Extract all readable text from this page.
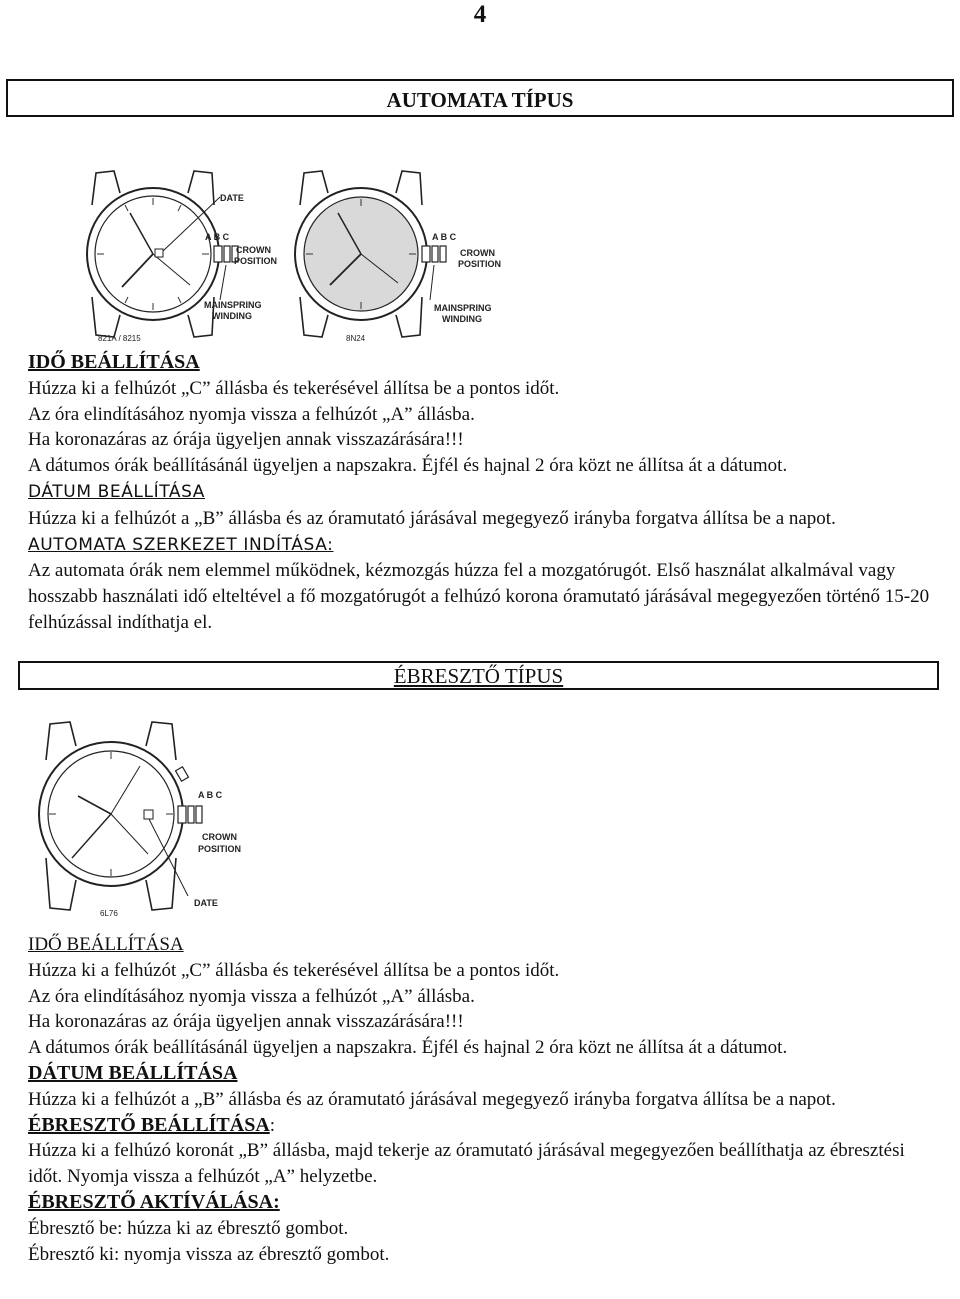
4
AUTOMATA TÍPUS
DATE
A B C
CROWN
POSITION
MAINSPRING
WINDING
821A / 8215
A B C
CROWN
POSITION
MAINSPRING
WINDING
8N24

IDŐ BEÁLLÍTÁSA

Húzza ki a felhúzót „C” állásba és tekerésével állítsa be a pontos időt.

Az óra elindításához nyomja vissza a felhúzót „A” állásba.

Ha koronazáras az órája ügyeljen annak visszazárására!!!

A dátumos órák beállításánál ügyeljen a napszakra. Éjfél és hajnal 2 óra közt ne állítsa át a dátumot.

DÁTUM BEÁLLÍTÁSA

Húzza ki a felhúzót a „B” állásba és az óramutató járásával megegyező irányba forgatva állítsa be a napot.

AUTOMATA SZERKEZET INDÍTÁSA:

Az automata órák nem elemmel működnek, kézmozgás húzza fel a mozgatórugót. Első használat alkalmával vagy hosszabb használati idő elteltével a fő mozgatórugót a felhúzó korona óramutató járásával megegyezően történő 15-20 felhúzással indíthatja el.

ÉBRESZTŐ TÍPUS
A B C
CROWN
POSITION
DATE
6L76

IDŐ BEÁLLÍTÁSA

Húzza ki a felhúzót „C” állásba és tekerésével állítsa be a pontos időt.

Az óra elindításához nyomja vissza a felhúzót „A” állásba.

Ha koronazáras az órája ügyeljen annak visszazárására!!!

A dátumos órák beállításánál ügyeljen a napszakra. Éjfél és hajnal 2 óra közt ne állítsa át a dátumot.

DÁTUM BEÁLLÍTÁSA

Húzza ki a felhúzót a „B” állásba és az óramutató járásával megegyező irányba forgatva állítsa be a napot.

ÉBRESZTŐ BEÁLLÍTÁSA:

Húzza ki a felhúzó koronát „B” állásba, majd tekerje az óramutató járásával megegyezően beállíthatja az ébresztési időt. Nyomja vissza a felhúzót „A” helyzetbe.

ÉBRESZTŐ AKTÍVÁLÁSA:

Ébresztő be: húzza ki az ébresztő gombot.

Ébresztő ki: nyomja vissza az ébresztő gombot.
